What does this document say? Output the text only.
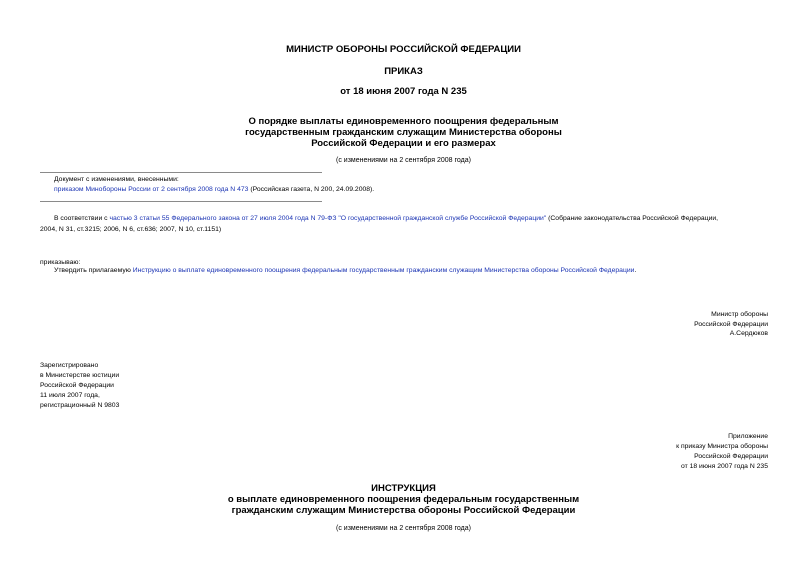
МИНИСТР ОБОРОНЫ РОССИЙСКОЙ ФЕДЕРАЦИИ
ПРИКАЗ
от 18 июня 2007 года N 235
О порядке выплаты единовременного поощрения федеральным
государственным гражданским служащим Министерства обороны
Российской Федерации и его размерах
(с изменениями на 2 сентября 2008 года)
Документ с изменениями, внесенными:
приказом Минобороны России от 2 сентября 2008 года N 473 (Российская газета, N 200, 24.09.2008).
В соответствии с частью 3 статьи 55 Федерального закона от 27 июля 2004 года N 79-ФЗ "О государственной гражданской службе Российской Федерации" (Собрание законодательства Российской Федерации,
2004, N 31, ст.3215; 2006, N 6, ст.636; 2007, N 10, ст.1151)
приказываю:
Утвердить прилагаемую Инструкцию о выплате единовременного поощрения федеральным государственным гражданским служащим Министерства обороны Российской Федерации.
Министр обороны
Российской Федерации
А.Сердюков
Зарегистрировано
в Министерстве юстиции
Российской Федерации
11 июля 2007 года,
регистрационный N 9803
Приложение
к приказу Министра обороны
Российской Федерации
от 18 июня 2007 года N 235
ИНСТРУКЦИЯ
о выплате единовременного поощрения федеральным государственным
гражданским служащим Министерства обороны Российской Федерации
(с изменениями на 2 сентября 2008 года)
